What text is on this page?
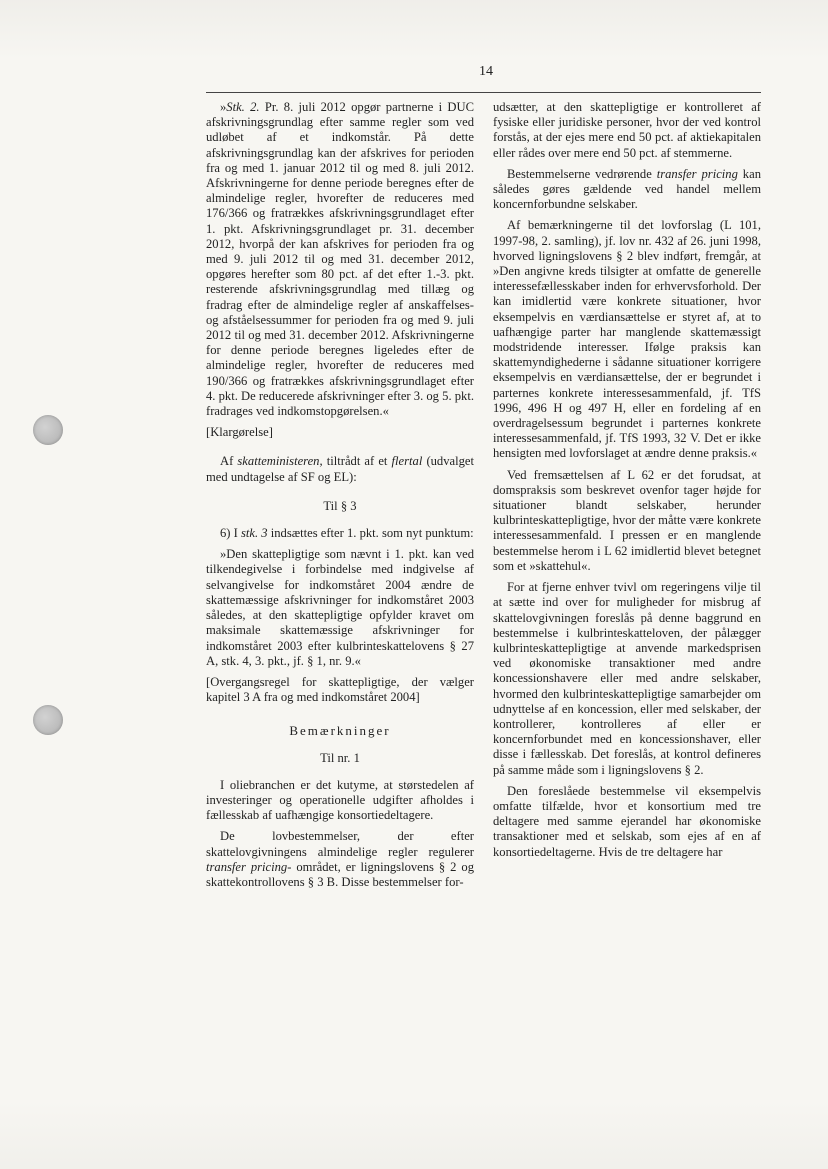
14

»Stk. 2. Pr. 8. juli 2012 opgør partnerne i DUC afskrivningsgrundlag efter samme regler som ved udløbet af et indkomstår. På dette afskrivningsgrundlag kan der afskrives for perioden fra og med 1. januar 2012 til og med 8. juli 2012. Afskrivningerne for denne periode beregnes efter de almindelige regler, hvorefter de reduceres med 176/366 og fratrækkes afskrivningsgrundlaget efter 1. pkt. Afskrivningsgrundlaget pr. 31. december 2012, hvorpå der kan afskrives for perioden fra og med 9. juli 2012 til og med 31. december 2012, opgøres herefter som 80 pct. af det efter 1.-3. pkt. resterende afskrivningsgrundlag med tillæg og fradrag efter de almindelige regler af anskaffelses- og afståelsessummer for perioden fra og med 9. juli 2012 til og med 31. december 2012. Afskrivningerne for denne periode beregnes ligeledes efter de almindelige regler, hvorefter de reduceres med 190/366 og fratrækkes afskrivningsgrundlaget efter 4. pkt. De reducerede afskrivninger efter 3. og 5. pkt. fradrages ved indkomstopgørelsen.«

[Klargørelse]

Af skatteministeren, tiltrådt af et flertal (udvalget med undtagelse af SF og EL):

Til § 3

6) I stk. 3 indsættes efter 1. pkt. som nyt punktum:

»Den skattepligtige som nævnt i 1. pkt. kan ved tilkendegivelse i forbindelse med indgivelse af selvangivelse for indkomståret 2004 ændre de skattemæssige afskrivninger for indkomståret 2003 således, at den skattepligtige opfylder kravet om maksimale skattemæssige afskrivninger for indkomståret 2003 efter kulbrinteskattelovens § 27 A, stk. 4, 3. pkt., jf. § 1, nr. 9.«

[Overgangsregel for skattepligtige, der vælger kapitel 3 A fra og med indkomståret 2004]

Bemærkninger

Til nr. 1

I oliebranchen er det kutyme, at størstedelen af investeringer og operationelle udgifter afholdes i fællesskab af uafhængige konsortiedeltagere.

De lovbestemmelser, der efter skattelovgivningens almindelige regler regulerer transfer pricing- området, er ligningslovens § 2 og skattekontrollovens § 3 B. Disse bestemmelser for-

udsætter, at den skattepligtige er kontrolleret af fysiske eller juridiske personer, hvor der ved kontrol forstås, at der ejes mere end 50 pct. af aktiekapitalen eller rådes over mere end 50 pct. af stemmerne.

Bestemmelserne vedrørende transfer pricing kan således gøres gældende ved handel mellem koncernforbundne selskaber.

Af bemærkningerne til det lovforslag (L 101, 1997-98, 2. samling), jf. lov nr. 432 af 26. juni 1998, hvorved ligningslovens § 2 blev indført, fremgår, at »Den angivne kreds tilsigter at omfatte de generelle interessefællesskaber inden for erhvervsforhold. Der kan imidlertid være konkrete situationer, hvor eksempelvis en værdiansættelse er styret af, at to uafhængige parter har manglende skattemæssigt modstridende interesser. Ifølge praksis kan skattemyndighederne i sådanne situationer korrigere eksempelvis en værdiansættelse, der er begrundet i parternes konkrete interessesammenfald, jf. TfS 1996, 496 H og 497 H, eller en fordeling af en overdragelsessum begrundet i parternes konkrete interessesammenfald, jf. TfS 1993, 32 V. Det er ikke hensigten med lovforslaget at ændre denne praksis.«

Ved fremsættelsen af L 62 er det forudsat, at domspraksis som beskrevet ovenfor tager højde for situationer blandt selskaber, herunder kulbrinteskattepligtige, hvor der måtte være konkrete interessesammenfald. I pressen er en manglende bestemmelse herom i L 62 imidlertid blevet betegnet som et »skattehul«.

For at fjerne enhver tvivl om regeringens vilje til at sætte ind over for muligheder for misbrug af skattelovgivningen foreslås på denne baggrund en bestemmelse i kulbrinteskatteloven, der pålægger kulbrinteskattepligtige at anvende markedsprisen ved økonomiske transaktioner med andre koncessionshavere eller med andre selskaber, hvormed den kulbrinteskattepligtige samarbejder om udnyttelse af en koncession, eller med selskaber, der kontrollerer, kontrolleres af eller er koncernforbundet med en koncessionshaver, eller disse i fællesskab. Det foreslås, at kontrol defineres på samme måde som i ligningslovens § 2.

Den foreslåede bestemmelse vil eksempelvis omfatte tilfælde, hvor et konsortium med tre deltagere med samme ejerandel har økonomiske transaktioner med et selskab, som ejes af en af konsortiedeltagerne. Hvis de tre deltagere har
